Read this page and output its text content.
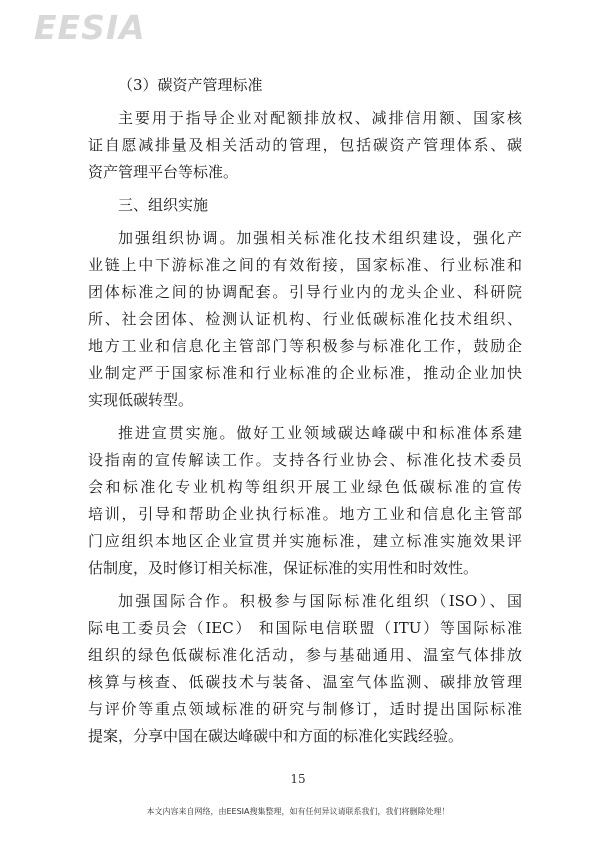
EESIA
（3）碳资产管理标准
主要用于指导企业对配额排放权、减排信用额、国家核
证自愿减排量及相关活动的管理，包括碳资产管理体系、碳
资产管理平台等标准。
三、组织实施
加强组织协调。加强相关标准化技术组织建设，强化产
业链上中下游标准之间的有效衔接，国家标准、行业标准和
团体标准之间的协调配套。引导行业内的龙头企业、科研院
所、社会团体、检测认证机构、行业低碳标准化技术组织、
地方工业和信息化主管部门等积极参与标准化工作，鼓励企
业制定严于国家标准和行业标准的企业标准，推动企业加快
实现低碳转型。
推进宣贯实施。做好工业领域碳达峰碳中和标准体系建
设指南的宣传解读工作。支持各行业协会、标准化技术委员
会和标准化专业机构等组织开展工业绿色低碳标准的宣传
培训，引导和帮助企业执行标准。地方工业和信息化主管部
门应组织本地区企业宣贯并实施标准，建立标准实施效果评
估制度，及时修订相关标准，保证标准的实用性和时效性。
加强国际合作。积极参与国际标准化组织（ISO）、国
际电工委员会（IEC） 和国际电信联盟（ITU）等国际标准
组织的绿色低碳标准化活动，参与基础通用、温室气体排放
核算与核查、低碳技术与装备、温室气体监测、碳排放管理
与评价等重点领域标准的研究与制修订，适时提出国际标准
提案，分享中国在碳达峰碳中和方面的标准化实践经验。
15
本文内容来自网络，由EESIA搜集整理，如有任何异议请联系我们，我们将删除处理！
